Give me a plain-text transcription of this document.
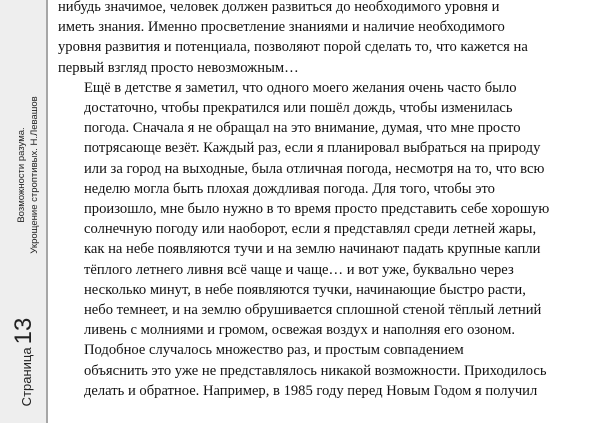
Страница
13
Возможности разума. Укрощение строптивых. Н.Левашов

нибудь значимое, человек должен развиться до необходимого уровня и
иметь знания. Именно просветление знаниями и наличие необходимого
уровня развития и потенциала, позволяют порой сделать то, что кажется на
первый взгляд просто невозможным…

Ещё в детстве я заметил, что одного моего желания очень часто было
достаточно, чтобы прекратился или пошёл дождь, чтобы изменилась
погода. Сначала я не обращал на это внимание, думая, что мне просто
потрясающе везёт. Каждый раз, если я планировал выбраться на природу
или за город на выходные, была отличная погода, несмотря на то, что всю
неделю могла быть плохая дождливая погода. Для того, чтобы это
произошло, мне было нужно в то время просто представить себе хорошую
солнечную погоду или наоборот, если я представлял среди летней жары,
как на небе появляются тучи и на землю начинают падать крупные капли
тёплого летнего ливня всё чаще и чаще… и вот уже, буквально через
несколько минут, в небе появляются тучки, начинающие быстро расти,
небо темнеет, и на землю обрушивается сплошной стеной тёплый летний
ливень с молниями и громом, освежая воздух и наполняя его озоном.

Подобное случалось множество раз, и простым совпадением
объяснить это уже не представлялось никакой возможности. Приходилось
делать и обратное. Например, в 1985 году перед Новым Годом я получил
